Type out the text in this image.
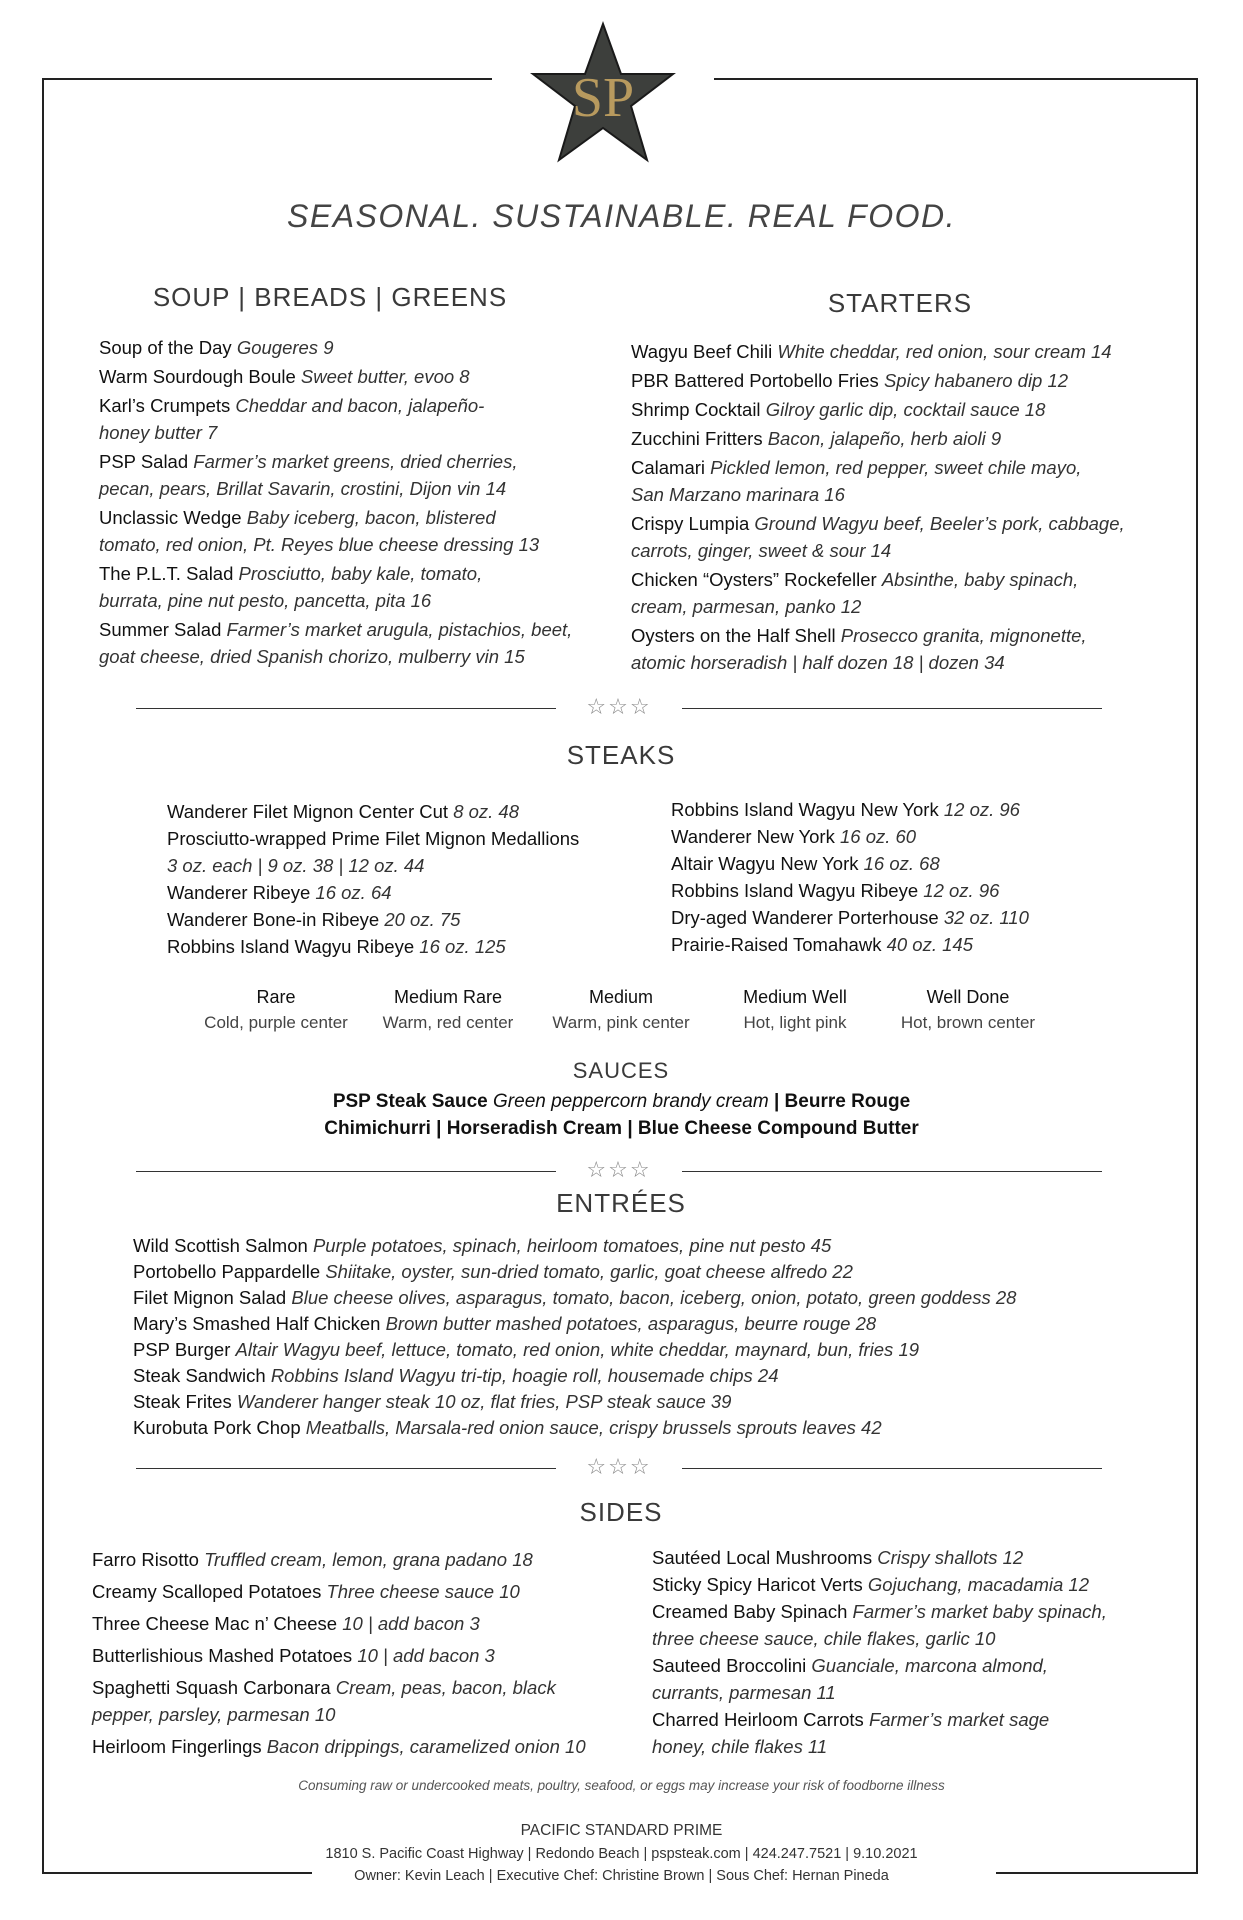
SP
SEASONAL. SUSTAINABLE. REAL FOOD.
SOUP | BREADS | GREENS
Soup of the Day Gougeres 9
Warm Sourdough Boule Sweet butter, evoo 8
Karl’s Crumpets Cheddar and bacon, jalapeño-
honey butter 7
PSP Salad Farmer’s market greens, dried cherries,
pecan, pears, Brillat Savarin, crostini, Dijon vin 14
Unclassic Wedge Baby iceberg, bacon, blistered
tomato, red onion, Pt. Reyes blue cheese dressing 13
The P.L.T. Salad Prosciutto, baby kale, tomato,
burrata, pine nut pesto, pancetta, pita 16
Summer Salad Farmer’s market arugula, pistachios, beet,
goat cheese, dried Spanish chorizo, mulberry vin 15
STARTERS
Wagyu Beef Chili White cheddar, red onion, sour cream 14
PBR Battered Portobello Fries Spicy habanero dip 12
Shrimp Cocktail Gilroy garlic dip, cocktail sauce 18
Zucchini Fritters Bacon, jalapeño, herb aioli 9
Calamari Pickled lemon, red pepper, sweet chile mayo,
San Marzano marinara 16
Crispy Lumpia Ground Wagyu beef, Beeler’s pork, cabbage,
carrots, ginger, sweet & sour 14
Chicken “Oysters” Rockefeller Absinthe, baby spinach,
cream, parmesan, panko 12
Oysters on the Half Shell Prosecco granita, mignonette,
atomic horseradish | half dozen 18 | dozen 34
☆☆☆
STEAKS
Wanderer Filet Mignon Center Cut 8 oz. 48
Prosciutto-wrapped Prime Filet Mignon Medallions
3 oz. each | 9 oz. 38 | 12 oz. 44
Wanderer Ribeye 16 oz. 64
Wanderer Bone-in Ribeye 20 oz. 75
Robbins Island Wagyu Ribeye 16 oz. 125
Robbins Island Wagyu New York 12 oz. 96
Wanderer New York 16 oz. 60
Altair Wagyu New York 16 oz. 68
Robbins Island Wagyu Ribeye 12 oz. 96
Dry-aged Wanderer Porterhouse 32 oz. 110
Prairie-Raised Tomahawk 40 oz. 145
Rare
Cold, purple center
Medium Rare
Warm, red center
Medium
Warm, pink center
Medium Well
Hot, light pink
Well Done
Hot, brown center
SAUCES
PSP Steak Sauce Green peppercorn brandy cream | Beurre Rouge
Chimichurri | Horseradish Cream | Blue Cheese Compound Butter
☆☆☆
ENTRÉES
Wild Scottish Salmon Purple potatoes, spinach, heirloom tomatoes, pine nut pesto 45
Portobello Pappardelle Shiitake, oyster, sun-dried tomato, garlic, goat cheese alfredo 22
Filet Mignon Salad Blue cheese olives, asparagus, tomato, bacon, iceberg, onion, potato, green goddess 28
Mary’s Smashed Half Chicken Brown butter mashed potatoes, asparagus, beurre rouge 28
PSP Burger Altair Wagyu beef, lettuce, tomato, red onion, white cheddar, maynard, bun, fries 19
Steak Sandwich Robbins Island Wagyu tri-tip, hoagie roll, housemade chips 24
Steak Frites Wanderer hanger steak 10 oz, flat fries, PSP steak sauce 39
Kurobuta Pork Chop Meatballs, Marsala-red onion sauce, crispy brussels sprouts leaves 42
☆☆☆
SIDES
Farro Risotto Truffled cream, lemon, grana padano 18
Creamy Scalloped Potatoes Three cheese sauce 10
Three Cheese Mac n’ Cheese 10 | add bacon 3
Butterlishious Mashed Potatoes 10 | add bacon 3
Spaghetti Squash Carbonara Cream, peas, bacon, black
pepper, parsley, parmesan 10
Heirloom Fingerlings Bacon drippings, caramelized onion 10
Sautéed Local Mushrooms Crispy shallots 12
Sticky Spicy Haricot Verts Gojuchang, macadamia 12
Creamed Baby Spinach Farmer’s market baby spinach,
three cheese sauce, chile flakes, garlic 10
Sauteed Broccolini Guanciale, marcona almond,
currants, parmesan 11
Charred Heirloom Carrots Farmer’s market sage
honey, chile flakes 11
Consuming raw or undercooked meats, poultry, seafood, or eggs may increase your risk of foodborne illness
PACIFIC STANDARD PRIME
1810 S. Pacific Coast Highway | Redondo Beach | pspsteak.com | 424.247.7521 | 9.10.2021
Owner: Kevin Leach | Executive Chef: Christine Brown | Sous Chef: Hernan Pineda
